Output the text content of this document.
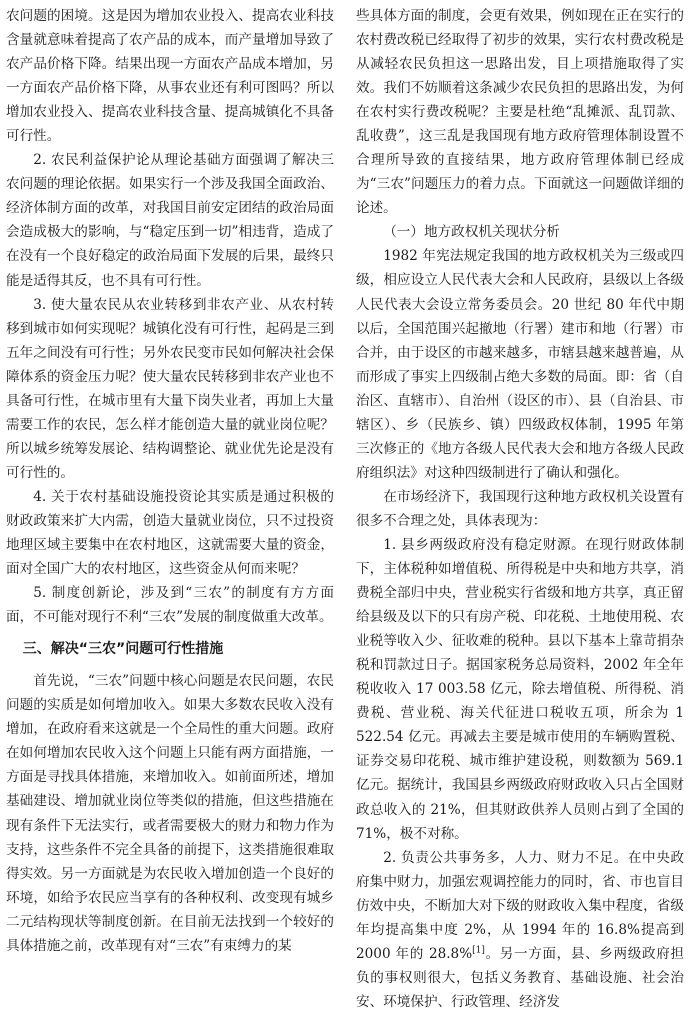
农问题的困境。这是因为增加农业投入、提高农业科技含量就意味着提高了农产品的成本，而产量增加导致了农产品价格下降。结果出现一方面农产品成本增加，另一方面农产品价格下降，从事农业还有利可图吗？所以增加农业投入、提高农业科技含量、提高城镇化不具备可行性。

2. 农民利益保护论从理论基础方面强调了解决三农问题的理论依据。如果实行一个涉及我国全面政治、经济体制方面的改革，对我国目前安定团结的政治局面会造成极大的影响，与“稳定压到一切”相违背，造成了在没有一个良好稳定的政治局面下发展的后果，最终只能是适得其反，也不具有可行性。

3. 使大量农民从农业转移到非农产业、从农村转移到城市如何实现呢？城镇化没有可行性，起码是三到五年之间没有可行性；另外农民变市民如何解决社会保障体系的资金压力呢？使大量农民转移到非农产业也不具备可行性，在城市里有大量下岗失业者，再加上大量需要工作的农民，怎么样才能创造大量的就业岗位呢？所以城乡统筹发展论、结构调整论、就业优先论是没有可行性的。

4. 关于农村基础设施投资论其实质是通过积极的财政政策来扩大内需，创造大量就业岗位，只不过投资地理区域主要集中在农村地区，这就需要大量的资金，面对全国广大的农村地区，这些资金从何而来呢？

5. 制度创新论，涉及到“三农”的制度有方方面面，不可能对现行不利“三农”发展的制度做重大改革。

三、解决“三农”问题可行性措施

首先说，“三农”问题中核心问题是农民问题，农民问题的实质是如何增加收入。如果大多数农民收入没有增加，在政府看来这就是一个全局性的重大问题。政府在如何增加农民收入这个问题上只能有两方面措施，一方面是寻找具体措施，来增加收入。如前面所述，增加基础建设、增加就业岗位等类似的措施，但这些措施在现有条件下无法实行，或者需要极大的财力和物力作为支持，这些条件不完全具备的前提下，这类措施很难取得实效。另一方面就是为农民收入增加创造一个良好的环境，如给予农民应当享有的各种权利、改变现有城乡二元结构现状等制度创新。在目前无法找到一个较好的具体措施之前，改革现有对“三农”有束缚力的某

些具体方面的制度，会更有效果，例如现在正在实行的农村费改税已经取得了初步的效果，实行农村费改税是从减轻农民负担这一思路出发，目上项措施取得了实效。我们不妨顺着这条减少农民负担的思路出发，为何在农村实行费改税呢？主要是杜绝“乱摊派、乱罚款、乱收费”，这三乱是我国现有地方政府管理体制设置不合理所导致的直接结果，地方政府管理体制已经成为“三农”问题压力的着力点。下面就这一问题做详细的论述。

（一）地方政权机关现状分析

1982 年宪法规定我国的地方政权机关为三级或四级，相应设立人民代表大会和人民政府，县级以上各级人民代表大会设立常务委员会。20 世纪 80 年代中期以后，全国范围兴起撤地（行署）建市和地（行署）市合并，由于设区的市越来越多，市辖县越来越普遍，从而形成了事实上四级制占绝大多数的局面。即：省（自治区、直辖市）、自治州（设区的市）、县（自治县、市辖区）、乡（民族乡、镇）四级政权体制，1995 年第三次修正的《地方各级人民代表大会和地方各级人民政府组织法》对这种四级制进行了确认和强化。

在市场经济下，我国现行这种地方政权机关设置有很多不合理之处，具体表现为：

1. 县乡两级政府没有稳定财源。在现行财政体制下，主体税种如增值税、所得税是中央和地方共享，消费税全部归中央，营业税实行省级和地方共享，真正留给县级及以下的只有房产税、印花税、土地使用税、农业税等收入少、征收难的税种。县以下基本上靠苛捐杂税和罚款过日子。据国家税务总局资料，2002 年全年税收收入 17 003.58 亿元，除去增值税、所得税、消费税、营业税、海关代征进口税收五项，所余为 1 522.54 亿元。再减去主要是城市使用的车辆购置税、证券交易印花税、城市维护建设税，则数额为 569.1 亿元。据统计，我国县乡两级政府财政收入只占全国财政总收入的 21%，但其财政供养人员则占到了全国的 71%，极不对称。

2. 负责公共事务多，人力、财力不足。在中央政府集中财力，加强宏观调控能力的同时，省、市也盲目仿效中央，不断加大对下级的财政收入集中程度，省级年均提高集中度 2%，从 1994 年的 16.8%提高到 2000 年的 28.8%[1]。另一方面，县、乡两级政府担负的事权则很大，包括义务教育、基础设施、社会治安、环境保护、行政管理、经济发
